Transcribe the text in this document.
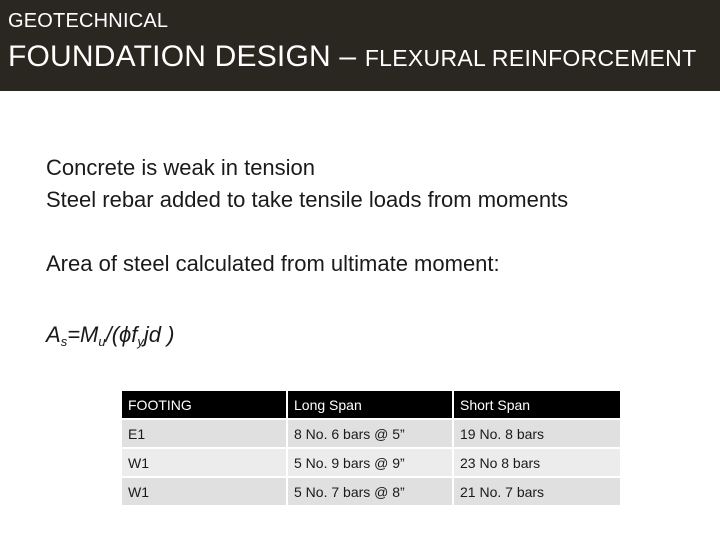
GEOTECHNICAL
FOUNDATION DESIGN – FLEXURAL REINFORCEMENT
Concrete is weak in tension
Steel rebar added to take tensile loads from moments
Area of steel calculated from ultimate moment:
$A_s=M_u/(\phi f_yjd$ )
FOOTING	Long Span	Short Span
E1	8 No. 6 bars @ 5”	19 No. 8 bars
W1	5 No. 9 bars @ 9”	23 No 8 bars
W1	5 No. 7 bars @ 8”	21 No. 7 bars
